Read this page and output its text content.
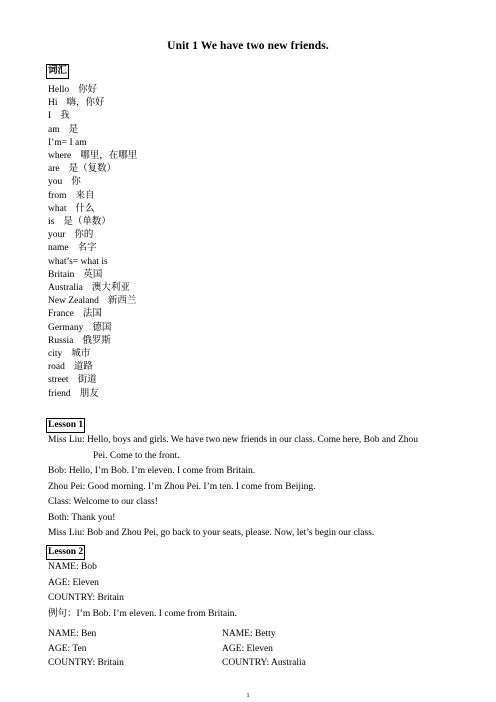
Unit 1 We have two new friends.
词汇
Hello 你好
Hi 嗨，你好
I 我
am 是
I’m= I am
where 哪里，在哪里
are 是（复数）
you 你
from 来自
what 什么
is 是（单数）
your 你的
name 名字
what’s= what is
Britain 英国
Australia 澳大利亚
New Zealand 新西兰
France 法国
Germany 德国
Russia 俄罗斯
city 城市
road 道路
street 街道
friend 朋友
Lesson 1
Miss Liu: Hello, boys and girls. We have two new friends in our class. Come here, Bob and Zhou
Pei. Come to the front.
Bob: Hello, I’m Bob. I’m eleven. I come from Britain.
Zhou Pei: Good morning. I’m Zhou Pei. I’m ten. I come from Beijing.
Class: Welcome to our class!
Both: Thank you!
Miss Liu: Bob and Zhou Pei, go back to your seats, please. Now, let’s begin our class.
Lesson 2
NAME: Bob
AGE: Eleven
COUNTRY: Britain
例句：I’m Bob. I’m eleven. I come from Britain.
NAME: Ben
AGE: Ten
COUNTRY: Britain
NAME: Betty
AGE: Eleven
COUNTRY: Australia
1
